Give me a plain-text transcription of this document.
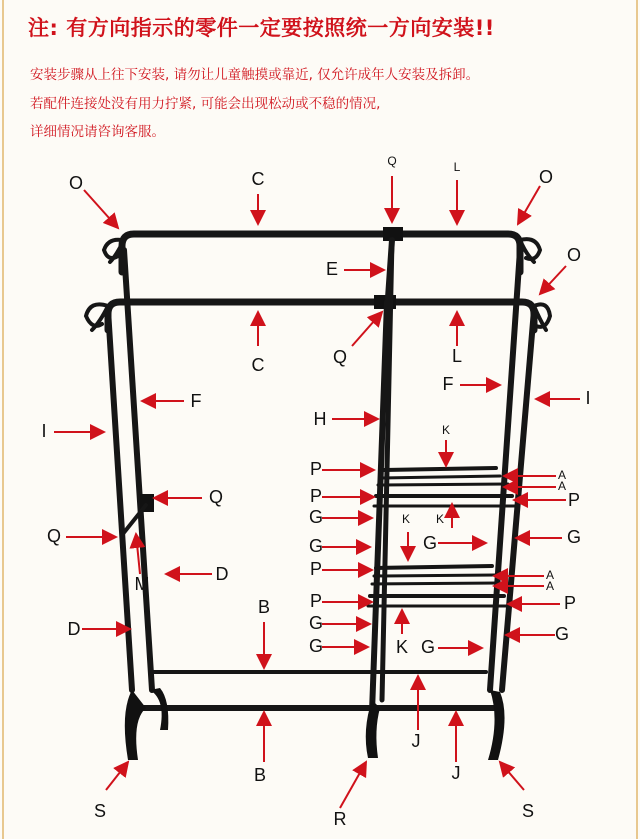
注: 有方向指示的零件一定要按照统一方向安装!!
安装步骤从上往下安装, 请勿让儿童触摸或靠近, 仅允许成年人安装及拆卸。
若配件连接处没有用力拧紧, 可能会出现松动或不稳的情况,
详细情况请咨询客服。
O	C
Q	L	O
O
E
C	Q	L
F
F	I
H
I	K
P	A
A
P	P
Q
G	K K
Q	G	G	G
M	D	P	A
A
P	P
B
D	G
G
G	K G
J
B	J
S	R	S
